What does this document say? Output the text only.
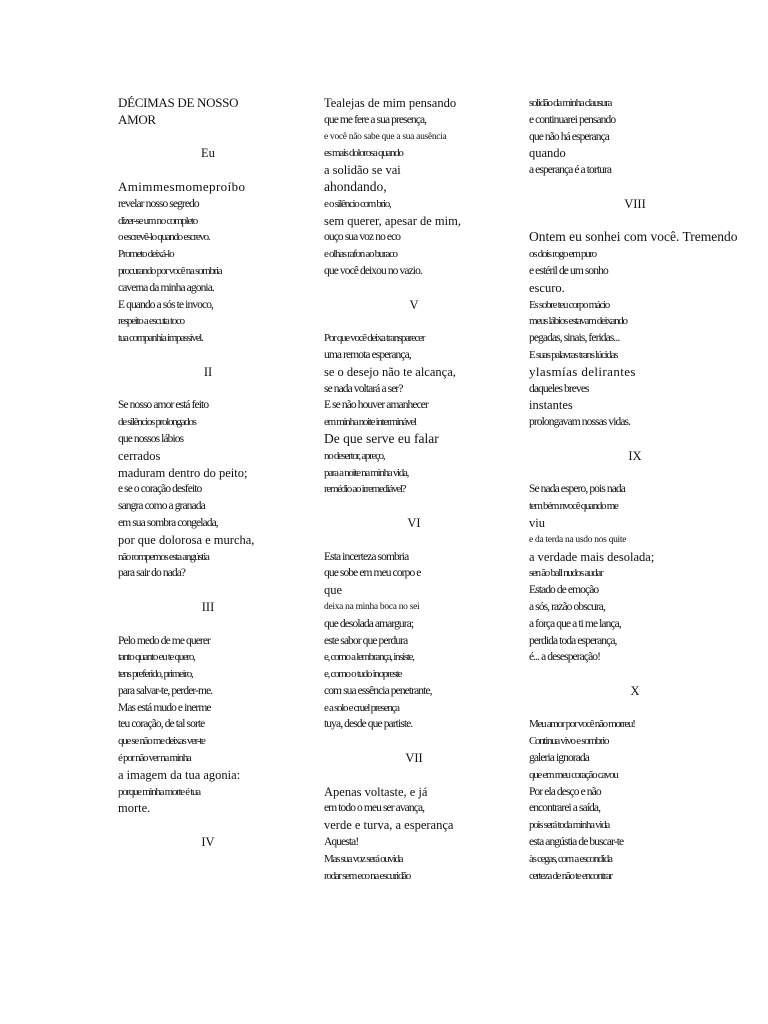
DÉCIMAS DE NOSSO
AMOR
Eu
Amimmesmomeproíbo
revelar nosso segredo
dizer-se um no completo
o escrevê-lo quando escrevo.
Prometo deixá-lo
procurando por você na sombria
caverna da minha agonia.
E quando a sós te invoco,
respeito a escuta toco
tua companhia impassível.
II
Se nosso amor está feito
de silêncios prolongados
que nossos lábios
cerrados
maduram dentro do peito;
e se o coração desfeito
sangra como a granada
em sua sombra congelada,
por que dolorosa e murcha,
não rompemos esta angústia
para sair do nada?
III
Pelo medo de me querer
tanto quanto eu te quero,
tens preferido, primeiro,
para salvar-te, perder-me.
Mas está mudo e inerme
teu coração, de tal sorte
que se não me deixas ver-te
é por não ver na minha
a imagem da tua agonia:
porque minha morte é tua
morte.
IV
Tealejas de mim pensando
que me fere a sua presença,
e você não sabe que a sua ausência
es mais dolorosa quando
a solidão se vai
ahondando,
e o silêncio com brio,
sem querer, apesar de mim,
ouço sua voz no eco
e olhas rafon ao buraco
que você deixou no vazio.
V
Por que você deixa transparecer
uma remota esperança,
se o desejo não te alcança,
se nada voltará a ser?
E se não houver amanhecer
em minha noite interminável
De que serve eu falar
no desertor, apreço,
para a noite na minha vida,
remédio ao irremediável?
VI
Esta incerteza sombria
que sobe em meu corpo e
que
deixa na minha boca no sei
que desolada amargura;
este sabor que perdura
e, como a lembrança, insiste,
e, como o tudo inopreste
com sua essência penetrante,
e a solo e cruel presença
tuya, desde que partiste.
VII
Apenas voltaste, e já
em todo o meu ser avança,
verde e turva, a esperança
Aquesta!
Mas sua voz será ouvida
rodar sem eco na escuridão
solidão da minha clausura
e continuarei pensando
que não há esperança
quando
a esperança é a tortura
VIII
Ontem eu sonhei com você. Tremendo
os dois rogo em puro
e estéril de um sonho
escuro.
Es sobre teu corpo mácio
meus lábios estavam deixando
pegadas, sinais, feridas...
E suas palavras trans lúcidas
ylasmías delirantes
daqueles breves
instantes
prolongavam nossas vidas.
IX
Se nada espero, pois nada
tem bém nvocê quando me
viu
e da terda na usdo nos quite
a verdade mais desolada;
sen ão ball nudos audar
Estado de emoção
a sós, razão obscura,
a força que a ti me lança,
perdida toda esperança,
é... a desesperação!
X
Meu amor por você não morreu!
Continua vivo e sombrio
galeria ignorada
que em meu coração cavou
Por ela desço e não
encontrarei a saída,
pois será toda minha vida
esta angústia de buscar-te
às cegas, com a escondida
certeza de não te encontrar
